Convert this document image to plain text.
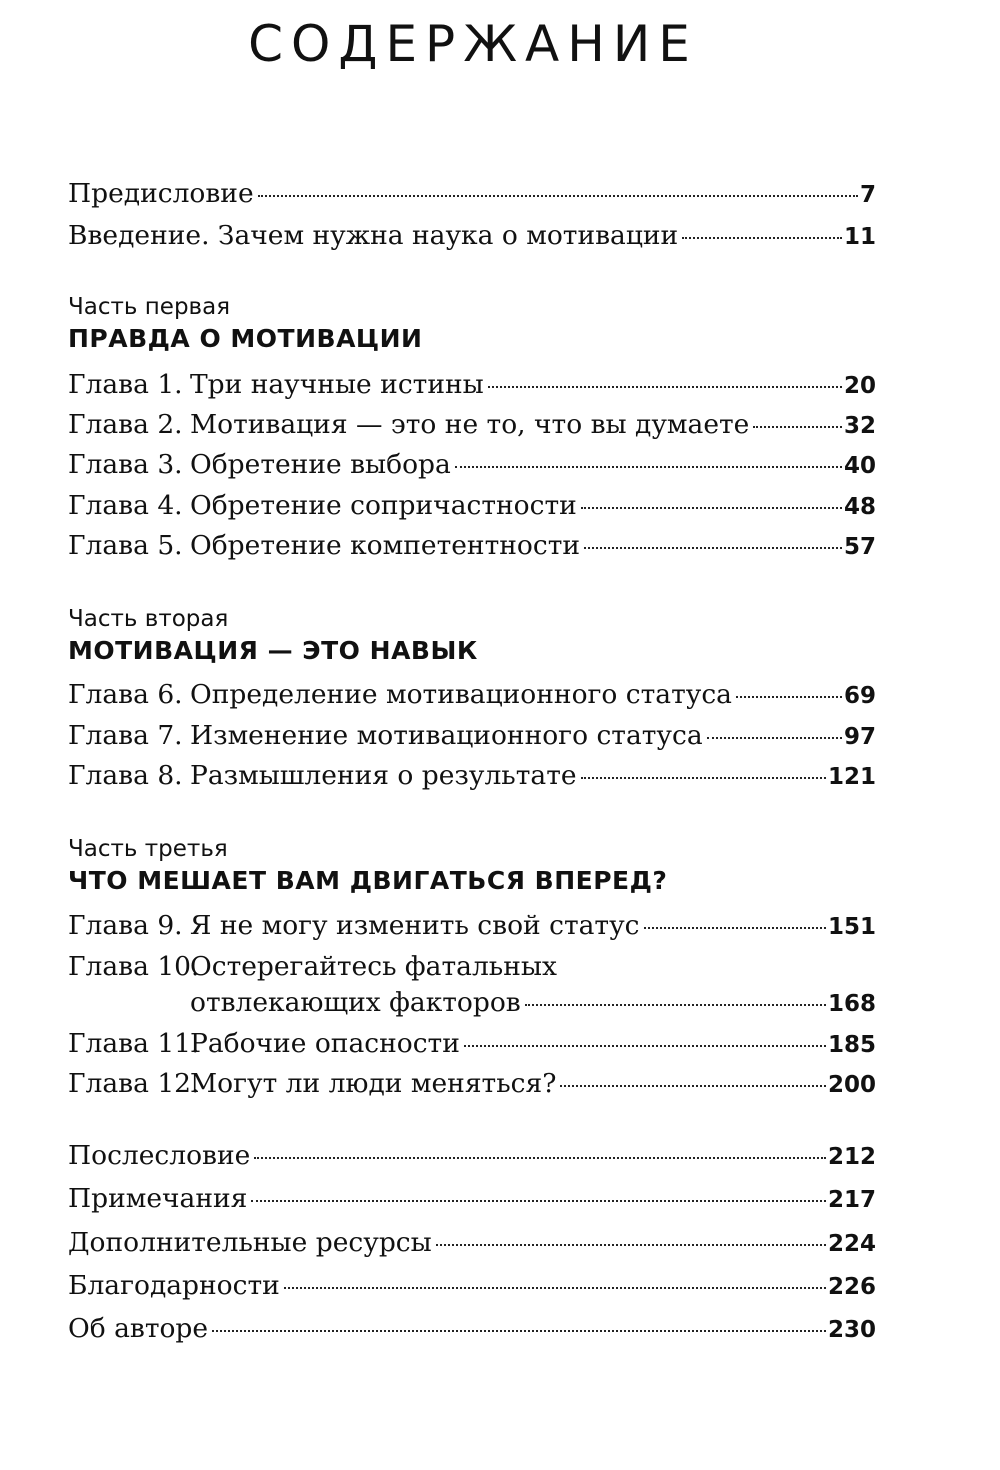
СОДЕРЖАНИЕ
Предисловие	7
Введение. Зачем нужна наука о мотивации	11
Часть первая
ПРАВДА О МОТИВАЦИИ
Глава 1. Три научные истины	20
Глава 2. Мотивация — это не то, что вы думаете	32
Глава 3. Обретение выбора	40
Глава 4. Обретение сопричастности	48
Глава 5. Обретение компетентности	57
Часть вторая
МОТИВАЦИЯ — ЭТО НАВЫК
Глава 6. Определение мотивационного статуса	69
Глава 7. Изменение мотивационного статуса	97
Глава 8. Размышления о результате	121
Часть третья
ЧТО МЕШАЕТ ВАМ ДВИГАТЬСЯ ВПЕРЕД?
Глава 9. Я не могу изменить свой статус	151
Глава 10.Остерегайтесь фатальных
отвлекающих факторов	168
Глава 11.Рабочие опасности	185
Глава 12.Могут ли люди меняться?	200
Послесловие	212
Примечания	217
Дополнительные ресурсы	224
Благодарности	226
Об авторе	230
